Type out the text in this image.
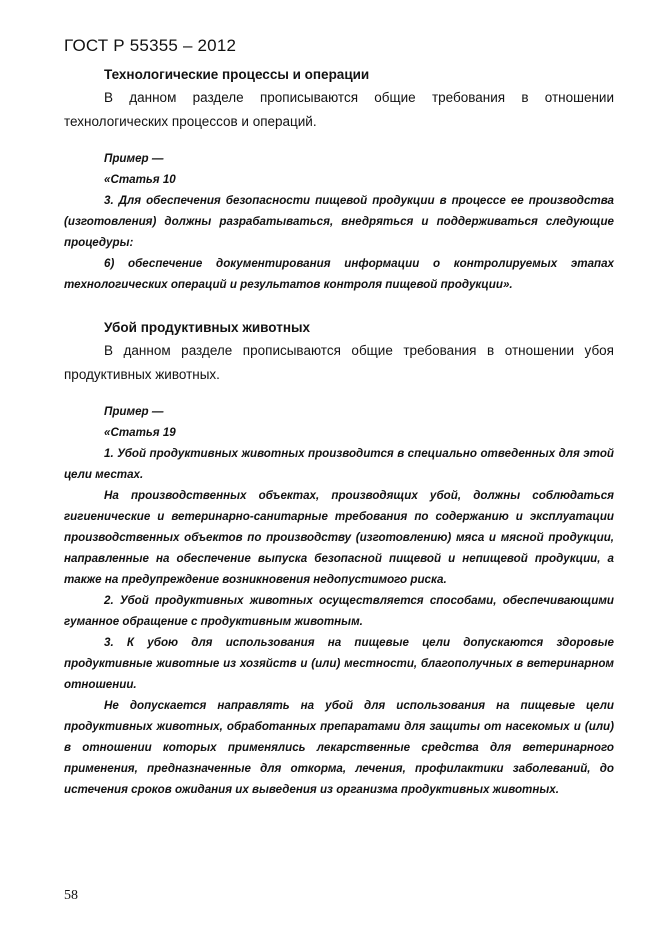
ГОСТ Р 55355 – 2012

Технологические процессы и операции

В данном разделе прописываются общие требования в отношении технологических процессов и операций.

Пример —

«Статья 10

3. Для обеспечения безопасности пищевой продукции в процессе ее производства (изготовления) должны разрабатываться, внедряться и поддерживаться следующие процедуры:

6) обеспечение документирования информации о контролируемых этапах технологических операций и результатов контроля пищевой продукции».

Убой продуктивных животных

В данном разделе прописываются общие требования в отношении убоя продуктивных животных.

Пример —

«Статья 19

1. Убой продуктивных животных производится в специально отведенных для этой цели местах.

На производственных объектах, производящих убой, должны соблюдаться гигиенические и ветеринарно-санитарные требования по содержанию и эксплуатации производственных объектов по производству (изготовлению) мяса и мясной продукции, направленные на обеспечение выпуска безопасной пищевой и непищевой продукции, а также на предупреждение возникновения недопустимого риска.

2. Убой продуктивных животных осуществляется способами, обеспечивающими гуманное обращение с продуктивным животным.

3. К убою для использования на пищевые цели допускаются здоровые продуктивные животные из хозяйств и (или) местности, благополучных в ветеринарном отношении.

Не допускается направлять на убой для использования на пищевые цели продуктивных животных, обработанных препаратами для защиты от насекомых и (или) в отношении которых применялись лекарственные средства для ветеринарного применения, предназначенные для откорма, лечения, профилактики заболеваний, до истечения сроков ожидания их выведения из организма продуктивных животных.

58
